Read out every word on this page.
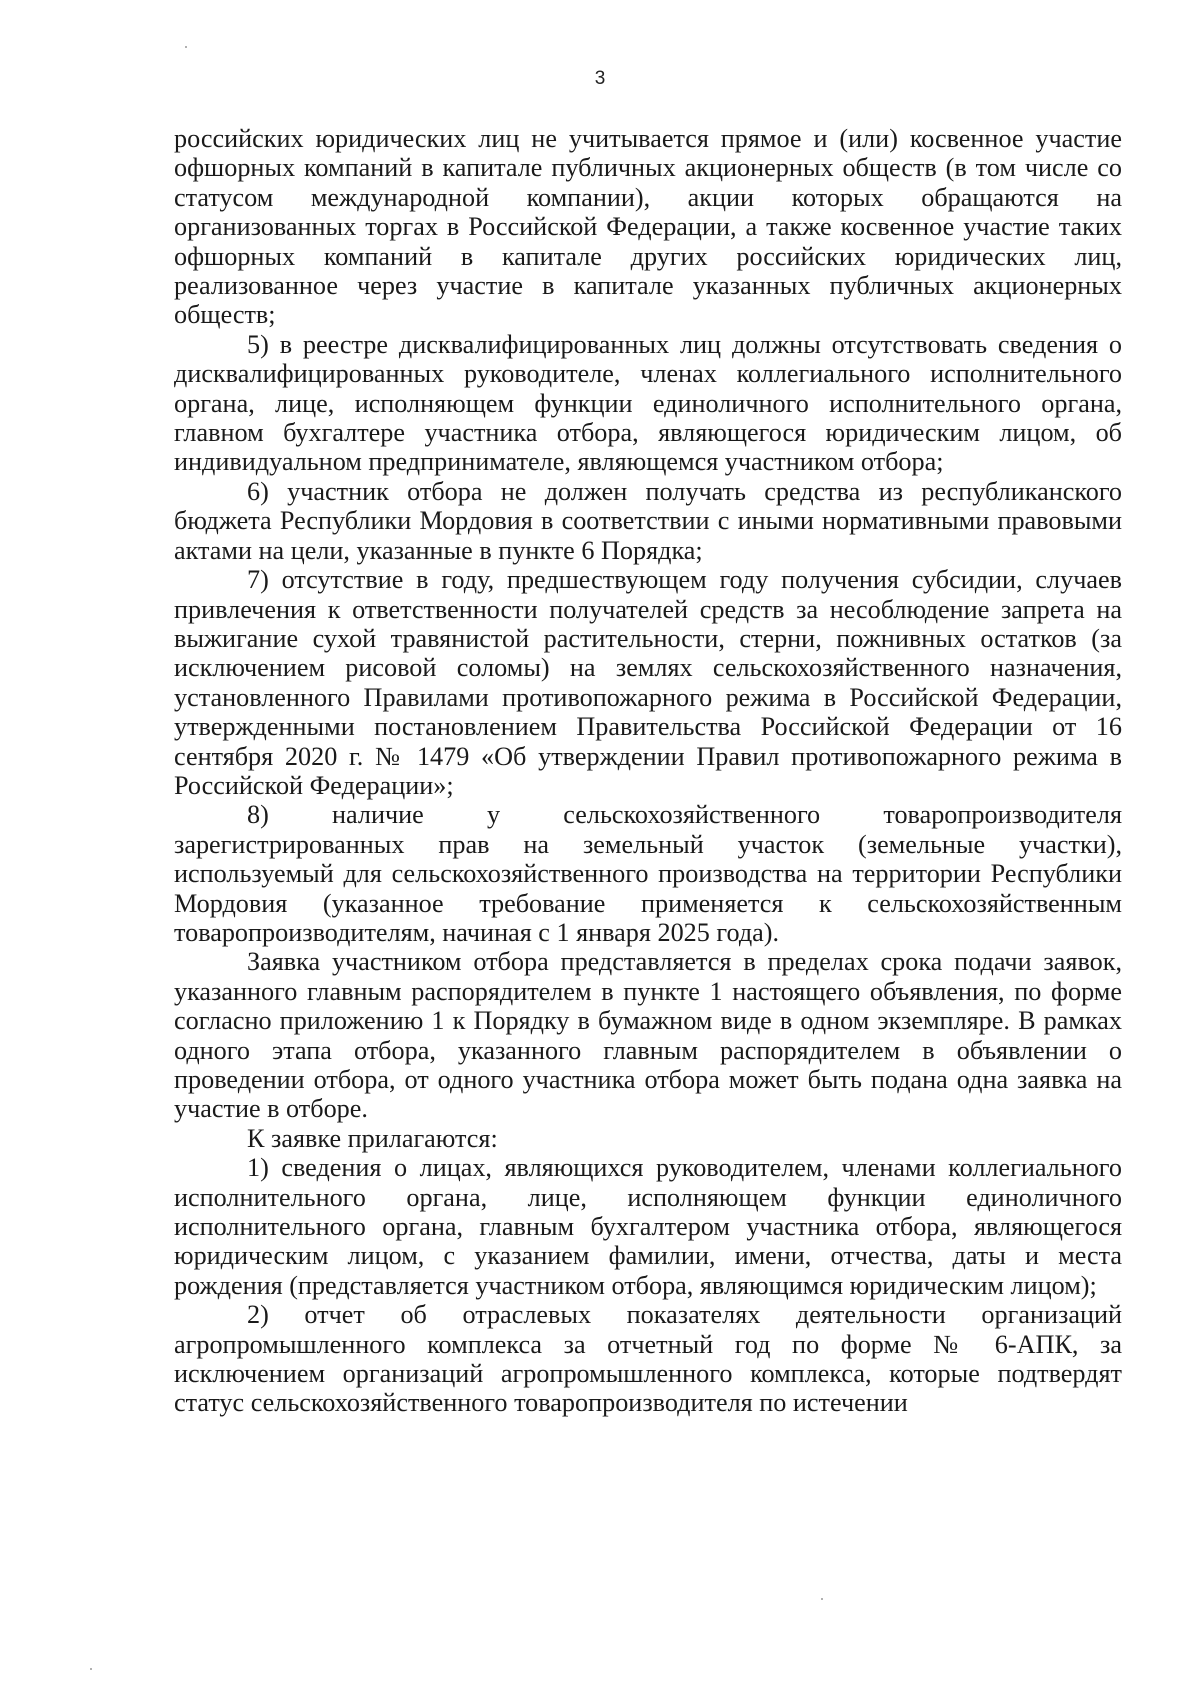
3

российских юридических лиц не учитывается прямое и (или) косвенное участие офшорных компаний в капитале публичных акционерных обществ (в том числе со статусом международной компании), акции которых обращаются на организованных торгах в Российской Федерации, а также косвенное участие таких офшорных компаний в капитале других российских юридических лиц, реализованное через участие в капитале указанных публичных акционерных обществ;

5) в реестре дисквалифицированных лиц должны отсутствовать сведения о дисквалифицированных руководителе, членах коллегиального исполнительного органа, лице, исполняющем функции единоличного исполнительного органа, главном бухгалтере участника отбора, являющегося юридическим лицом, об индивидуальном предпринимателе, являющемся участником отбора;

6) участник отбора не должен получать средства из республиканского бюджета Республики Мордовия в соответствии с иными нормативными правовыми актами на цели, указанные в пункте 6 Порядка;

7) отсутствие в году, предшествующем году получения субсидии, случаев привлечения к ответственности получателей средств за несоблюдение запрета на выжигание сухой травянистой растительности, стерни, пожнивных остатков (за исключением рисовой соломы) на землях сельскохозяйственного назначения, установленного Правилами противопожарного режима в Российской Федерации, утвержденными постановлением Правительства Российской Федерации от 16 сентября 2020 г. № 1479 «Об утверждении Правил противопожарного режима в Российской Федерации»;

8) наличие у сельскохозяйственного товаропроизводителя зарегистрированных прав на земельный участок (земельные участки), используемый для сельскохозяйственного производства на территории Республики Мордовия (указанное требование применяется к сельскохозяйственным товаропроизводителям, начиная с 1 января 2025 года).

Заявка участником отбора представляется в пределах срока подачи заявок, указанного главным распорядителем в пункте 1 настоящего объявления, по форме согласно приложению 1 к Порядку в бумажном виде в одном экземпляре. В рамках одного этапа отбора, указанного главным распорядителем в объявлении о проведении отбора, от одного участника отбора может быть подана одна заявка на участие в отборе.

К заявке прилагаются:

1) сведения о лицах, являющихся руководителем, членами коллегиального исполнительного органа, лице, исполняющем функции единоличного исполнительного органа, главным бухгалтером участника отбора, являющегося юридическим лицом, с указанием фамилии, имени, отчества, даты и места рождения (представляется участником отбора, являющимся юридическим лицом);

2) отчет об отраслевых показателях деятельности организаций агропромышленного комплекса за отчетный год по форме № 6-АПК, за исключением организаций агропромышленного комплекса, которые подтвердят статус сельскохозяйственного товаропроизводителя по истечении
